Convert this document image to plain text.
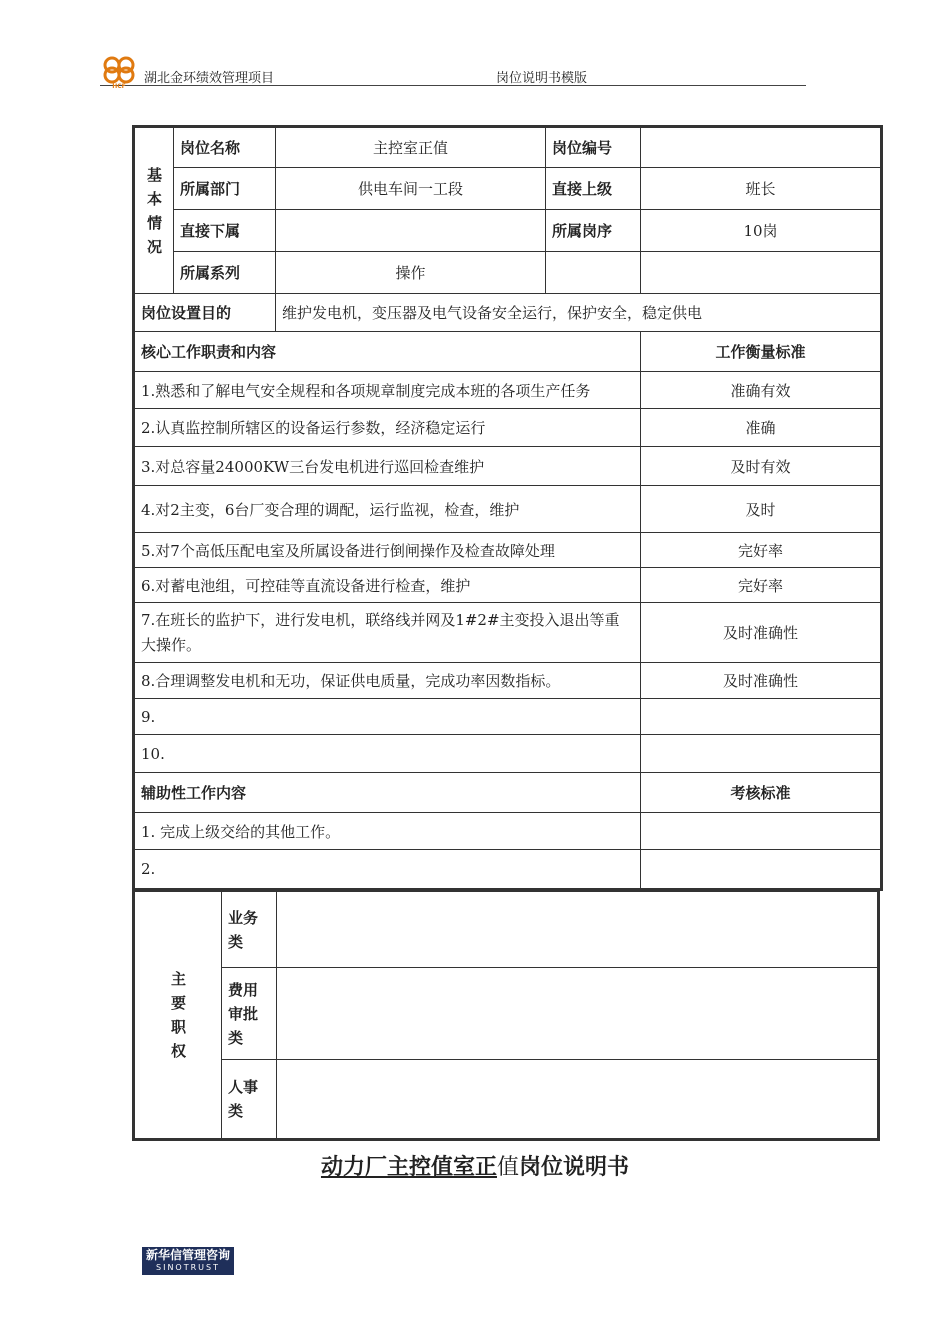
HCF
湖北金环绩效管理项目	岗位说明书模版
基本情况	岗位名称	主控室正值	岗位编号	
	所属部门	供电车间一工段	直接上级	班长
	直接下属		所属岗序	10岗
	所属系列	操作		
岗位设置目的		维护发电机，变压器及电气设备安全运行，保护安全，稳定供电		
核心工作职责和内容				工作衡量标准
1.熟悉和了解电气安全规程和各项规章制度完成本班的各项生产任务				准确有效
2.认真监控制所辖区的设备运行参数，经济稳定运行				准确
3.对总容量24000KW三台发电机进行巡回检查维护				及时有效
4.对2主变，6台厂变合理的调配，运行监视，检查，维护				及时
5.对7个高低压配电室及所属设备进行倒闸操作及检查故障处理				完好率
6.对蓄电池组，可控硅等直流设备进行检查，维护				完好率
7.在班长的监护下，进行发电机，联络线并网及1#2#主变投入退出等重大操作。				及时准确性
8.合理调整发电机和无功，保证供电质量，完成功率因数指标。				及时准确性
9.				
10.				
辅助性工作内容				考核标准
1. 完成上级交给的其他工作。				
2.				
主要职权	业务类	
	费用审批类	
	人事类	
动力厂主控值室正值岗位说明书
新华信管理咨询
SINOTRUST
